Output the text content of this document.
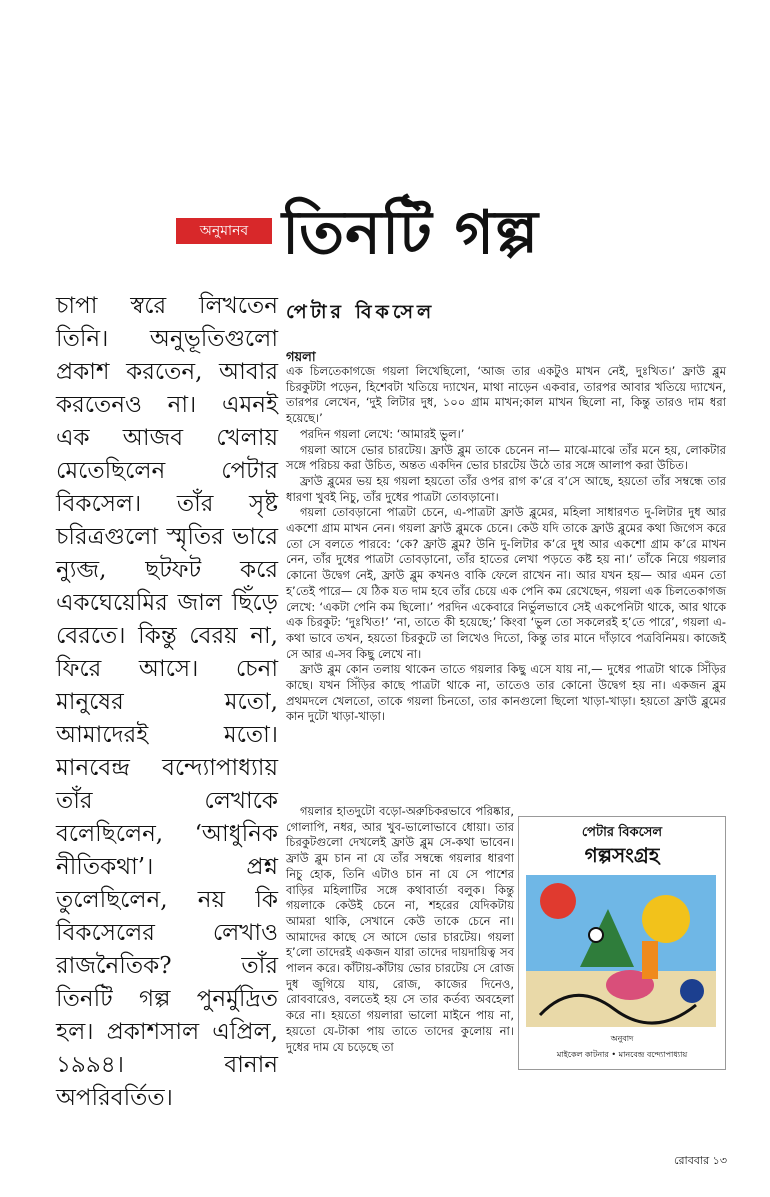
অনুমানব তিনটি গল্প
চাপা স্বরে লিখতেন তিনি। অনুভূতিগুলো প্রকাশ করতেন, আবার করতেনও না। এমনই এক আজব খেলায় মেতেছিলেন পেটার বিকসেল। তাঁর সৃষ্ট চরিত্রগুলো স্মৃতির ভারে ন্যুব্জ, ছটফট করে একঘেয়েমির জাল ছিঁড়ে বেরতে। কিন্তু বেরয় না, ফিরে আসে। চেনা মানুষের মতো, আমাদেরই মতো। মানবেন্দ্র বন্দ্যোপাধ্যায় তাঁর লেখাকে বলেছিলেন, ‘আধুনিক নীতিকথা’। প্রশ্ন তুলেছিলেন, নয় কি বিকসেলের লেখাও রাজনৈতিক? তাঁর তিনটি গল্প পুনর্মুদ্রিত হল। প্রকাশসাল এপ্রিল, ১৯৯৪। বানান অপরিবর্তিত।
পেটার বিকসেল
গয়লা

এক চিলতেকাগজে গয়লা লিখেছিলো, ‘আজ তার একটুও মাখন নেই, দুঃখিত।’ ফ্রাউ ব্লুম চিরকুটটা পড়েন, হিশেবটা খতিয়ে দ্যাখেন, মাথা নাড়েন একবার, তারপর আবার খতিয়ে দ্যাখেন, তারপর লেখেন, ‘দুই লিটার দুধ, ১০০ গ্রাম মাখন;কাল মাখন ছিলো না, কিন্তু তারও দাম ধরা হয়েছে।’

পরদিন গয়লা লেখে: ‘আমারই ভুল।’

গয়লা আসে ভোর চারটেয়। ফ্রাউ ব্লুম তাকে চেনেন না— মাঝে-মাঝে তাঁর মনে হয়, লোকটার সঙ্গে পরিচয় করা উচিত, অন্তত একদিন ভোর চারটেয় উঠে তার সঙ্গে আলাপ করা উচিত।

ফ্রাউ ব্লুমের ভয় হয় গয়লা হয়তো তাঁর ওপর রাগ ক’রে ব’সে আছে, হয়তো তাঁর সম্বন্ধে তার ধারণা খুবই নিচু, তাঁর দুধের পাত্রটা তোবড়ানো।

গয়লা তোবড়ানো পাত্রটা চেনে, এ-পাত্রটা ফ্রাউ ব্লুমের, মহিলা সাধারণত দু-লিটার দুধ আর একশো গ্রাম মাখন নেন। গয়লা ফ্রাউ ব্লুমকে চেনে। কেউ যদি তাকে ফ্রাউ ব্লুমের কথা জিগেস করে তো সে বলতে পারবে: ‘কে? ফ্রাউ ব্লুম? উনি দু-লিটার ক’রে দুধ আর একশো গ্রাম ক’রে মাখন নেন, তাঁর দুধের পাত্রটা তোবড়ানো, তাঁর হাতের লেখা পড়তে কষ্ট হয় না।’ তাঁকে নিয়ে গয়লার কোনো উদ্বেগ নেই, ফ্রাউ ব্লুম কখনও বাকি ফেলে রাখেন না। আর যখন হয়— আর এমন তো হ’তেই পারে— যে ঠিক যত দাম হবে তাঁর চেয়ে এক পেনি কম রেখেছেন, গয়লা এক চিলতেকাগজ লেখে: ‘একটা পেনি কম ছিলো।’ পরদিন একেবারে নির্ভুলভাবে সেই একপেনিটা থাকে, আর থাকে এক চিরকুট: ‘দুঃখিত!’ ‘না, তাতে কী হয়েছে;’ কিংবা ‘ভুল তো সকলেরই হ’তে পারে’, গয়লা এ-কথা ভাবে তখন, হয়তো চিরকুটে তা লিখেও দিতো, কিন্তু তার মানে দাঁড়াবে পত্রবিনিময়। কাজেই সে আর এ-সব কিছু লেখে না।

ফ্রাউ ব্লুম কোন তলায় থাকেন তাতে গয়লার কিছু এসে যায় না,— দুধের পাত্রটা থাকে সিঁড়ির কাছে। যখন সিঁড়ির কাছে পাত্রটা থাকে না, তাতেও তার কোনো উদ্বেগ হয় না। একজন ব্লুম প্রথমদলে খেলতো, তাকে গয়লা চিনতো, তার কানগুলো ছিলো খাড়া-খাড়া। হয়তো ফ্রাউ ব্লুমের কান দুটো খাড়া-খাড়া।

গয়লার হাতদুটো বড়ো-অরুচিকরভাবে পরিষ্কার, গোলাপি, নধর, আর খুব-ভালোভাবে ধোয়া। তার চিরকুটগুলো দেখলেই ফ্রাউ ব্লুম সে-কথা ভাবেন। ফ্রাউ ব্লুম চান না যে তাঁর সম্বন্ধে গয়লার ধারণা নিচু হোক, তিনি এটাও চান না যে সে পাশের বাড়ির মহিলাটির সঙ্গে কথাবার্তা বলুক। কিন্তু গয়লাকে কেউই চেনে না, শহরের যেদিকটায় আমরা থাকি, সেখানে কেউ তাকে চেনে না। আমাদের কাছে সে আসে ভোর চারটেয়। গয়লা হ’লো তাদেরই একজন যারা তাদের দায়দায়িত্ব সব পালন করে। কাঁটায়-কাঁটায় ভোর চারটেয় সে রোজ দুধ জুগিয়ে যায়, রোজ, কাজের দিনেও, রোববারেও, বলতেই হয় সে তার কর্তব্য অবহেলা করে না। হয়তো গয়লারা ভালো মাইনে পায় না, হয়তো যে-টাকা পায় তাতে তাদের কুলোয় না। দুধের দাম যে চড়েছে তা

পেটার বিকসেল
গল্পসংগ্রহ
অনুবাদ
মাইকেল কাটনার • মানবেন্দ্র বন্দ্যোপাধ্যায়
রোববার ১৩
